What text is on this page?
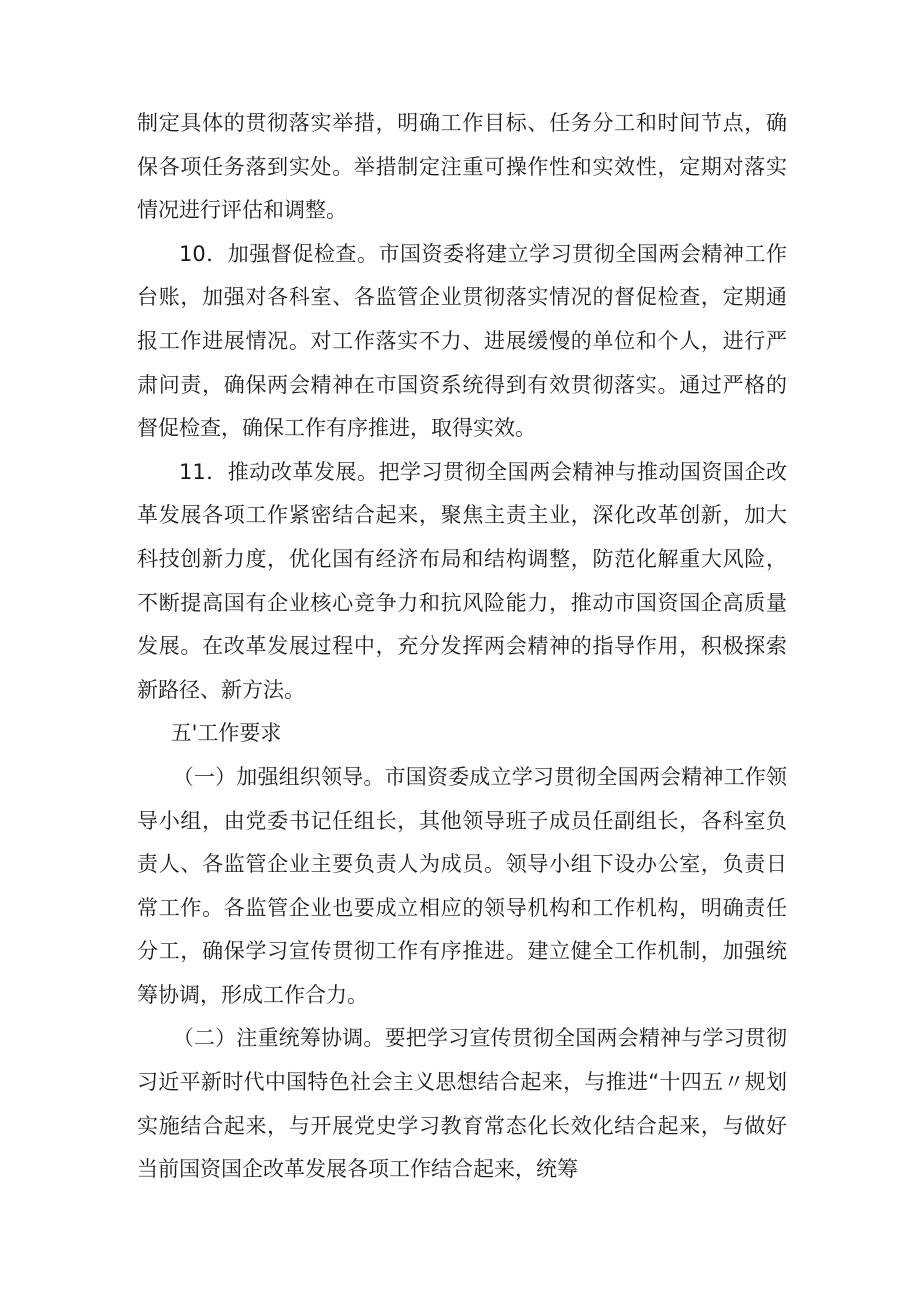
制定具体的贯彻落实举措，明确工作目标、任务分工和时间节点，确保各项任务落到实处。举措制定注重可操作性和实效性，定期对落实情况进行评估和调整。

10．加强督促检查。市国资委将建立学习贯彻全国两会精神工作台账，加强对各科室、各监管企业贯彻落实情况的督促检查，定期通报工作进展情况。对工作落实不力、进展缓慢的单位和个人，进行严肃问责，确保两会精神在市国资系统得到有效贯彻落实。通过严格的督促检查，确保工作有序推进，取得实效。

11．推动改革发展。把学习贯彻全国两会精神与推动国资国企改革发展各项工作紧密结合起来，聚焦主责主业，深化改革创新，加大科技创新力度，优化国有经济布局和结构调整，防范化解重大风险，不断提高国有企业核心竞争力和抗风险能力，推动市国资国企高质量发展。在改革发展过程中，充分发挥两会精神的指导作用，积极探索新路径、新方法。

五'工作要求

（一）加强组织领导。市国资委成立学习贯彻全国两会精神工作领导小组，由党委书记任组长，其他领导班子成员任副组长，各科室负责人、各监管企业主要负责人为成员。领导小组下设办公室，负责日常工作。各监管企业也要成立相应的领导机构和工作机构，明确责任分工，确保学习宣传贯彻工作有序推进。建立健全工作机制，加强统筹协调，形成工作合力。

（二）注重统筹协调。要把学习宣传贯彻全国两会精神与学习贯彻习近平新时代中国特色社会主义思想结合起来，与推进“十四五〃规划实施结合起来，与开展党史学习教育常态化长效化结合起来，与做好当前国资国企改革发展各项工作结合起来，统筹
